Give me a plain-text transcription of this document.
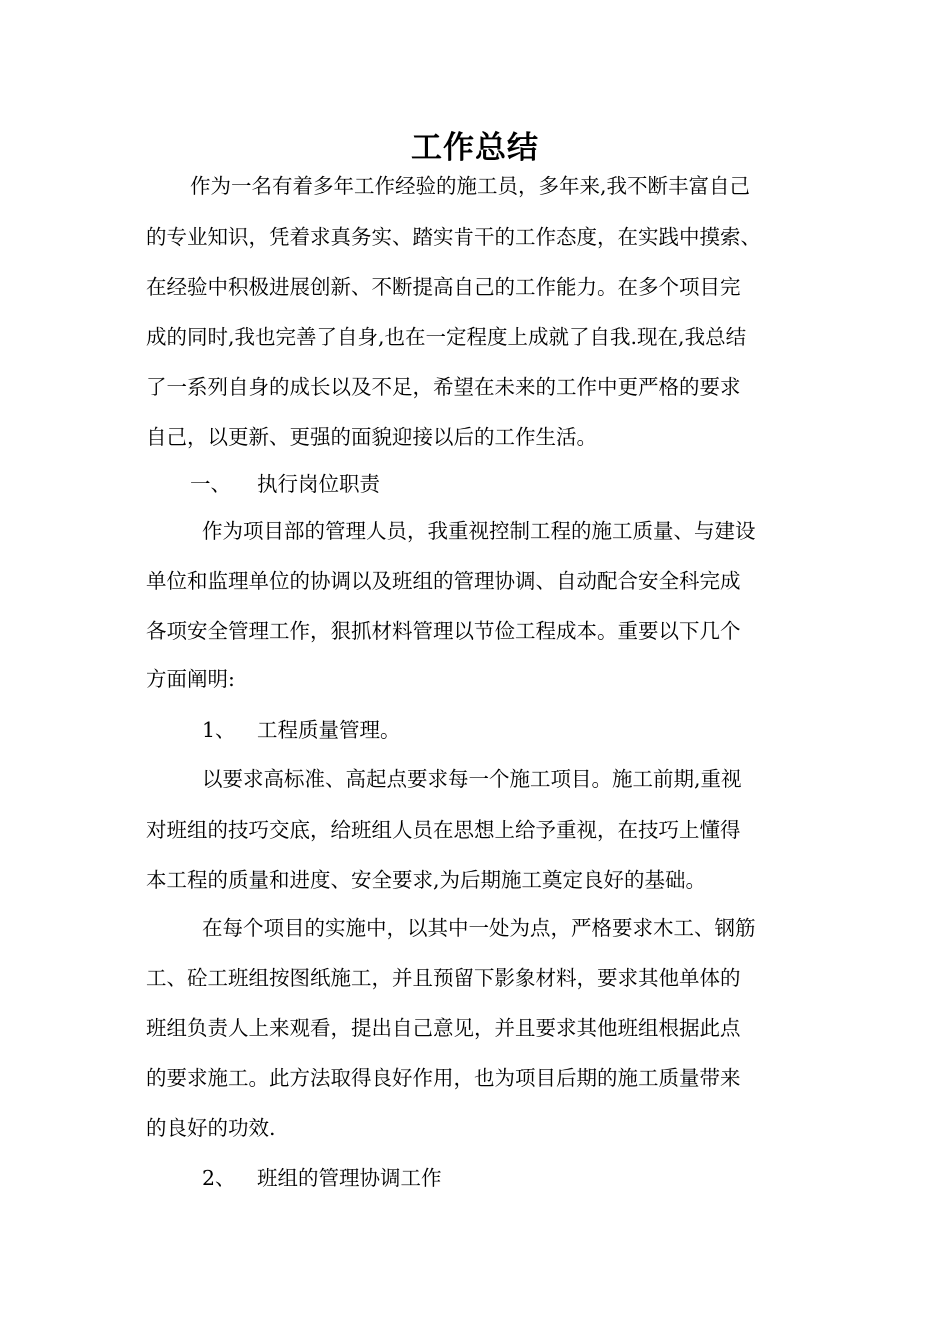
工作总结
作为一名有着多年工作经验的施工员，多年来,我不断丰富自己
的专业知识，凭着求真务实、踏实肯干的工作态度，在实践中摸索、
在经验中积极进展创新、不断提高自己的工作能力。在多个项目完
成的同时,我也完善了自身,也在一定程度上成就了自我.现在,我总结
了一系列自身的成长以及不足，希望在未来的工作中更严格的要求
自己，以更新、更强的面貌迎接以后的工作生活。
一、 执行岗位职责
作为项目部的管理人员，我重视控制工程的施工质量、与建设
单位和监理单位的协调以及班组的管理协调、自动配合安全科完成
各项安全管理工作，狠抓材料管理以节俭工程成本。重要以下几个
方面阐明:
1、 工程质量管理。
以要求高标准、高起点要求每一个施工项目。施工前期,重视
对班组的技巧交底，给班组人员在思想上给予重视，在技巧上懂得
本工程的质量和进度、安全要求,为后期施工奠定良好的基础。
在每个项目的实施中，以其中一处为点，严格要求木工、钢筋
工、砼工班组按图纸施工，并且预留下影象材料，要求其他单体的
班组负责人上来观看，提出自己意见，并且要求其他班组根据此点
的要求施工。此方法取得良好作用，也为项目后期的施工质量带来
的良好的功效.
2、 班组的管理协调工作
